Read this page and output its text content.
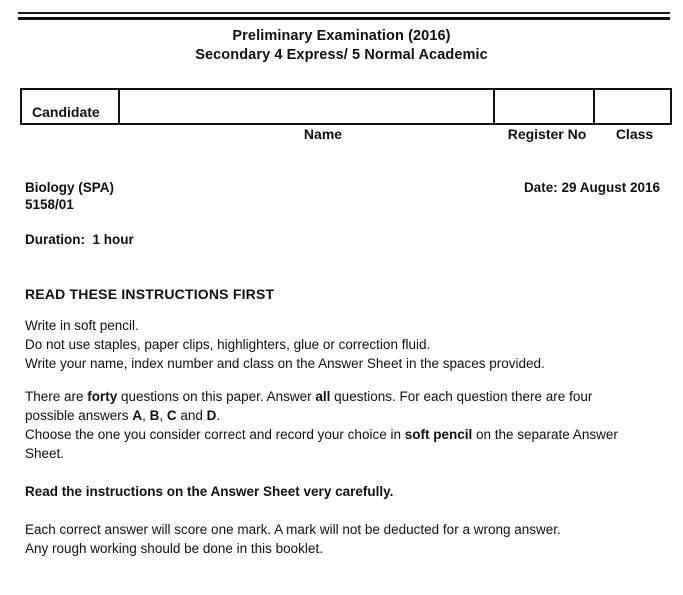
Preliminary Examination (2016)
Secondary 4 Express/ 5 Normal Academic
Candidate
Name	Register No	Class
Biology (SPA)
5158/01
Date: 29 August 2016
Duration:  1 hour
READ THESE INSTRUCTIONS FIRST
Write in soft pencil.
Do not use staples, paper clips, highlighters, glue or correction fluid.
Write your name, index number and class on the Answer Sheet in the spaces provided.
There are forty questions on this paper. Answer all questions. For each question there are four possible answers A, B, C and D.
Choose the one you consider correct and record your choice in soft pencil on the separate Answer Sheet.
Read the instructions on the Answer Sheet very carefully.
Each correct answer will score one mark. A mark will not be deducted for a wrong answer.
Any rough working should be done in this booklet.
